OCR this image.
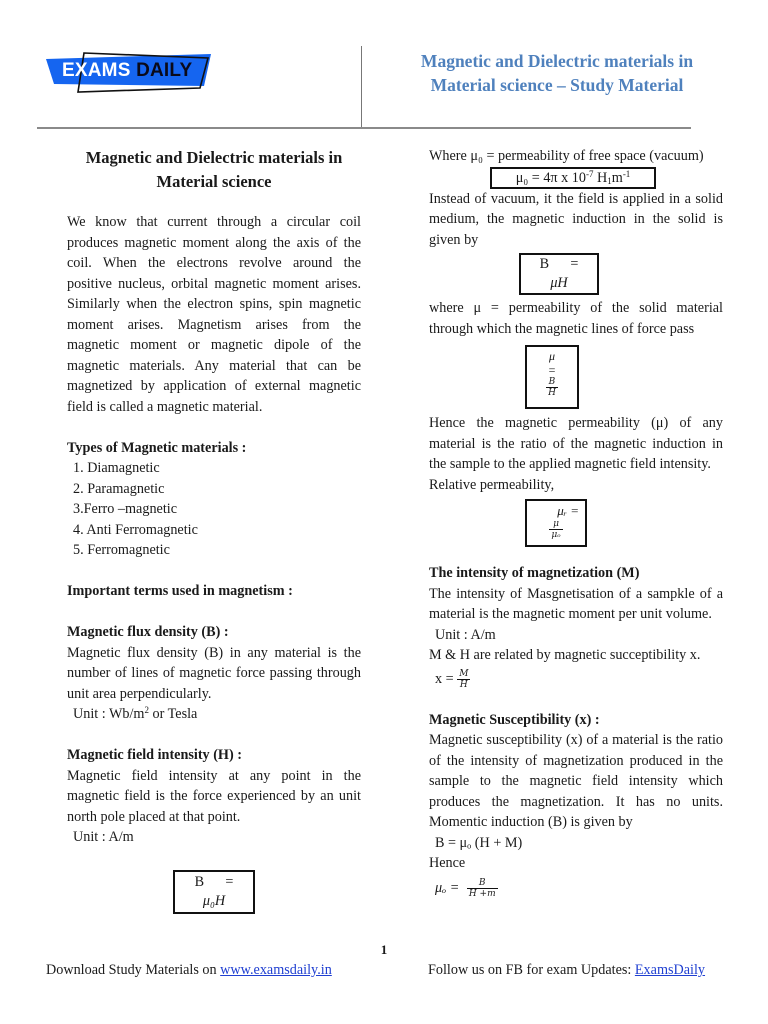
EXAMS DAILY	Magnetic and Dielectric materials in
Material science – Study Material
Magnetic and Dielectric materials in
Material science

We know that current through a circular coil produces magnetic moment along the axis of the coil. When the electrons revolve around the positive nucleus, orbital magnetic moment arises. Similarly when the electron spins, spin magnetic moment arises. Magnetism arises from the magnetic moment or magnetic dipole of the magnetic materials. Any material that can be magnetized by application of external magnetic field is called a magnetic material.

Types of Magnetic materials :
1. Diamagnetic
2. Paramagnetic
3.Ferro –magnetic
4. Anti Ferromagnetic
5. Ferromagnetic
Important terms used in magnetism :
Magnetic flux density (B) :

Magnetic flux density (B) in any material is the number of lines of magnetic force passing through unit area perpendicularly.

Unit : $Wb/m^2$ or Tesla
Magnetic field intensity (H) :

Magnetic field intensity at any point in the magnetic field is the force experienced by an unit north pole placed at that point.

Unit : A/m
B      =
μ₀H
Where μ₀ = permeability of free space (vacuum)
μ₀ = 4π x $10^{-7}$ $H_1m^{-1}$

Instead of vacuum, it the field is applied in a solid medium, the magnetic induction in the solid is given by

B      =
μH

where μ = permeability of the solid material through which the magnetic lines of force pass

μ
=
$\frac{B}{H}$

Hence the magnetic permeability (μ) of any material is the ratio of the magnetic induction in the sample to the applied magnetic field intensity.

Relative permeability,
μᵣ =
$\frac{\mu}{\text{μₒ}}$
The intensity of magnetization (M)

The intensity of Masgnetisation of a sampkle of a material is the magnetic moment per unit volume.

Unit : A/m
M & H are related by magnetic succeptibility x.
$x = \frac{M}{H}$
Magnetic Susceptibility (x) :

Magnetic susceptibility (x) of a material is the ratio of the intensity of magnetization produced in the sample to the magnetic field intensity which produces the magnetization. It has no units. Momentic induction (B) is given by

B = μₒ (H + M)
Hence
$\mu_o = \frac{B}{H +m}$
1
Download Study Materials on www.examsdaily.in	Follow us on FB for exam Updates: ExamsDaily
